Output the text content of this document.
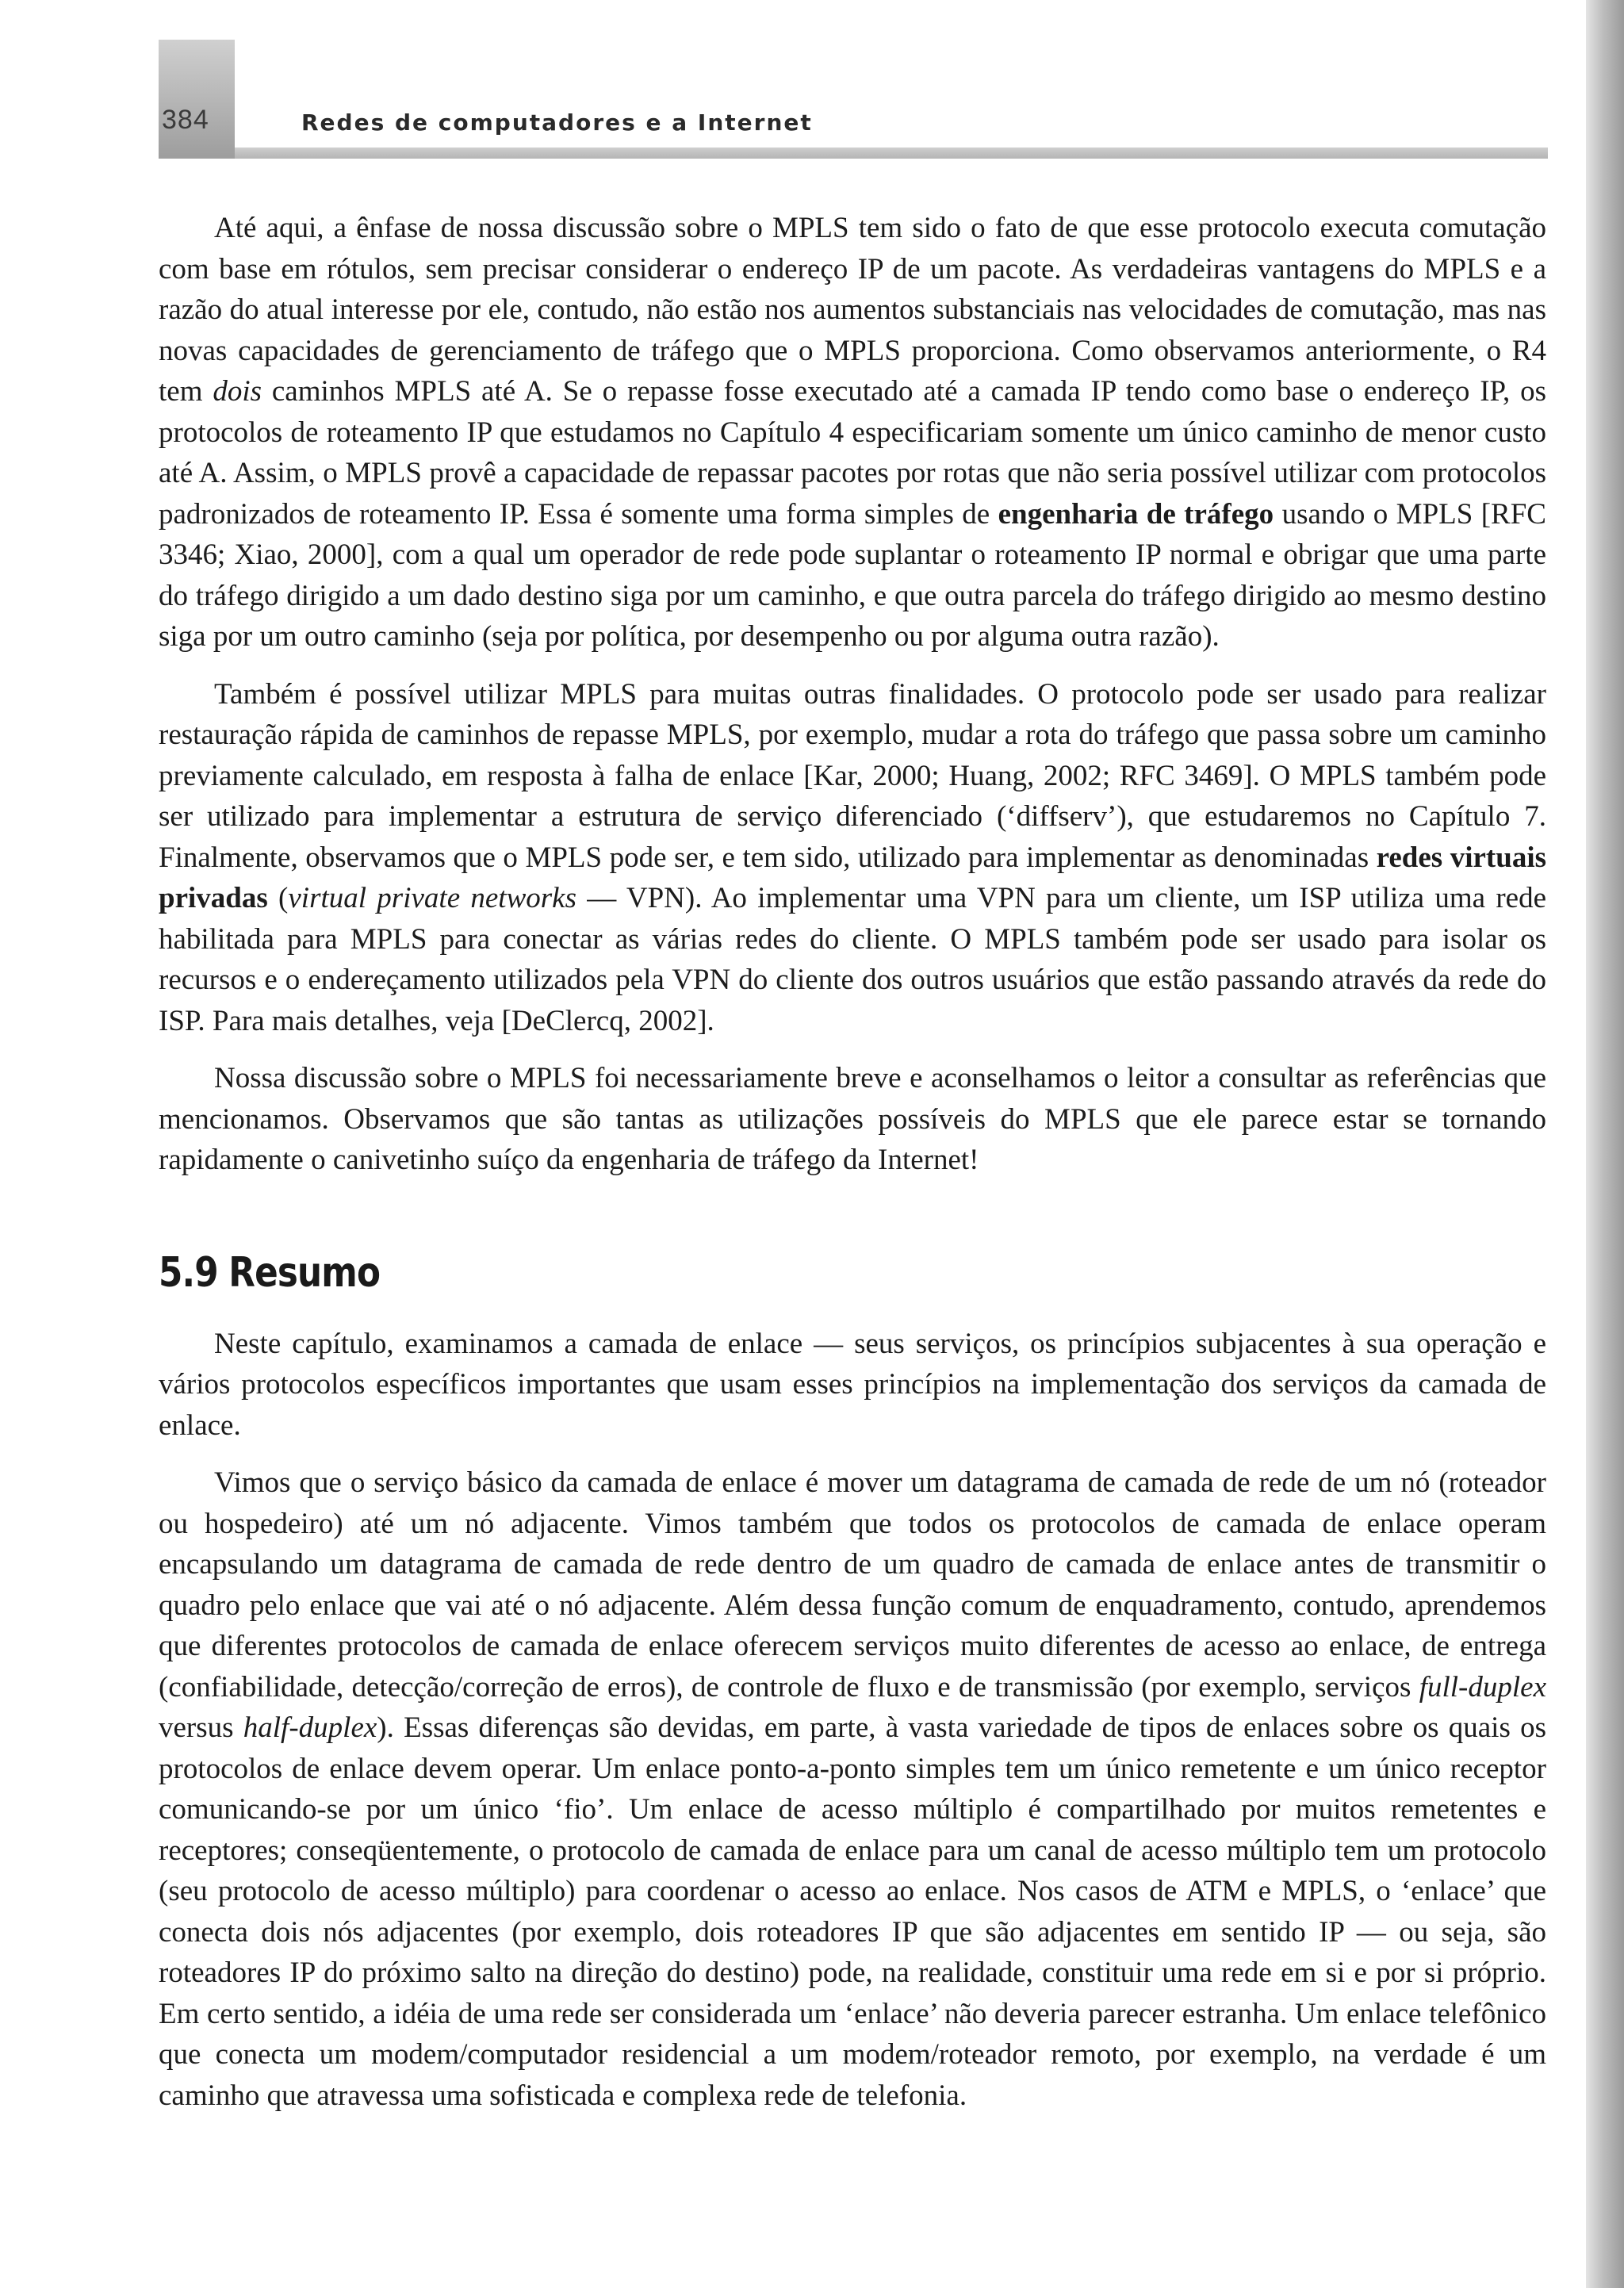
384	Redes de computadores e a Internet

Até aqui, a ênfase de nossa discussão sobre o MPLS tem sido o fato de que esse protocolo executa comutação com base em rótulos, sem precisar considerar o endereço IP de um pacote. As verdadeiras vantagens do MPLS e a razão do atual interesse por ele, contudo, não estão nos aumentos substanciais nas velocidades de comutação, mas nas novas capacidades de gerenciamento de tráfego que o MPLS proporciona. Como observamos anteriormente, o R4 tem dois caminhos MPLS até A. Se o repasse fosse executado até a camada IP tendo como base o endereço IP, os protocolos de roteamento IP que estudamos no Capítulo 4 especificariam somente um único caminho de menor custo até A. Assim, o MPLS provê a capacidade de repassar pacotes por rotas que não seria possível utilizar com protocolos padronizados de roteamento IP. Essa é somente uma forma simples de engenharia de tráfego usando o MPLS [RFC 3346; Xiao, 2000], com a qual um operador de rede pode suplantar o roteamento IP normal e obrigar que uma parte do tráfego dirigido a um dado destino siga por um caminho, e que outra parcela do tráfego dirigido ao mesmo destino siga por um outro caminho (seja por política, por desempenho ou por alguma outra razão).

Também é possível utilizar MPLS para muitas outras finalidades. O protocolo pode ser usado para realizar restauração rápida de caminhos de repasse MPLS, por exemplo, mudar a rota do tráfego que passa sobre um caminho previamente calculado, em resposta à falha de enlace [Kar, 2000; Huang, 2002; RFC 3469]. O MPLS também pode ser utilizado para implementar a estrutura de serviço diferenciado (‘diffserv’), que estudaremos no Capítulo 7. Finalmente, observamos que o MPLS pode ser, e tem sido, utilizado para implementar as denominadas redes virtuais privadas (virtual private networks — VPN). Ao implementar uma VPN para um cliente, um ISP utiliza uma rede habilitada para MPLS para conectar as várias redes do cliente. O MPLS também pode ser usado para isolar os recursos e o endereçamento utilizados pela VPN do cliente dos outros usuários que estão passando através da rede do ISP. Para mais detalhes, veja [DeClercq, 2002].

Nossa discussão sobre o MPLS foi necessariamente breve e aconselhamos o leitor a consultar as referências que mencionamos. Observamos que são tantas as utilizações possíveis do MPLS que ele parece estar se tornando rapidamente o canivetinho suíço da engenharia de tráfego da Internet!

5.9 Resumo

Neste capítulo, examinamos a camada de enlace — seus serviços, os princípios subjacentes à sua operação e vários protocolos específicos importantes que usam esses princípios na implementação dos serviços da camada de enlace.

Vimos que o serviço básico da camada de enlace é mover um datagrama de camada de rede de um nó (roteador ou hospedeiro) até um nó adjacente. Vimos também que todos os protocolos de camada de enlace operam encapsulando um datagrama de camada de rede dentro de um quadro de camada de enlace antes de transmitir o quadro pelo enlace que vai até o nó adjacente. Além dessa função comum de enquadramento, contudo, aprendemos que diferentes protocolos de camada de enlace oferecem serviços muito diferentes de acesso ao enlace, de entrega (confiabilidade, detecção/correção de erros), de controle de fluxo e de transmissão (por exemplo, serviços full-duplex versus half-duplex). Essas diferenças são devidas, em parte, à vasta variedade de tipos de enlaces sobre os quais os protocolos de enlace devem operar. Um enlace ponto-a-ponto simples tem um único remetente e um único receptor comunicando-se por um único ‘fio’. Um enlace de acesso múltiplo é compartilhado por muitos remetentes e receptores; conseqüentemente, o protocolo de camada de enlace para um canal de acesso múltiplo tem um protocolo (seu protocolo de acesso múltiplo) para coordenar o acesso ao enlace. Nos casos de ATM e MPLS, o ‘enlace’ que conecta dois nós adjacentes (por exemplo, dois roteadores IP que são adjacentes em sentido IP — ou seja, são roteadores IP do próximo salto na direção do destino) pode, na realidade, constituir uma rede em si e por si próprio. Em certo sentido, a idéia de uma rede ser considerada um ‘enlace’ não deveria parecer estranha. Um enlace telefônico que conecta um modem/computador residencial a um modem/roteador remoto, por exemplo, na verdade é um caminho que atravessa uma sofisticada e complexa rede de telefonia.
